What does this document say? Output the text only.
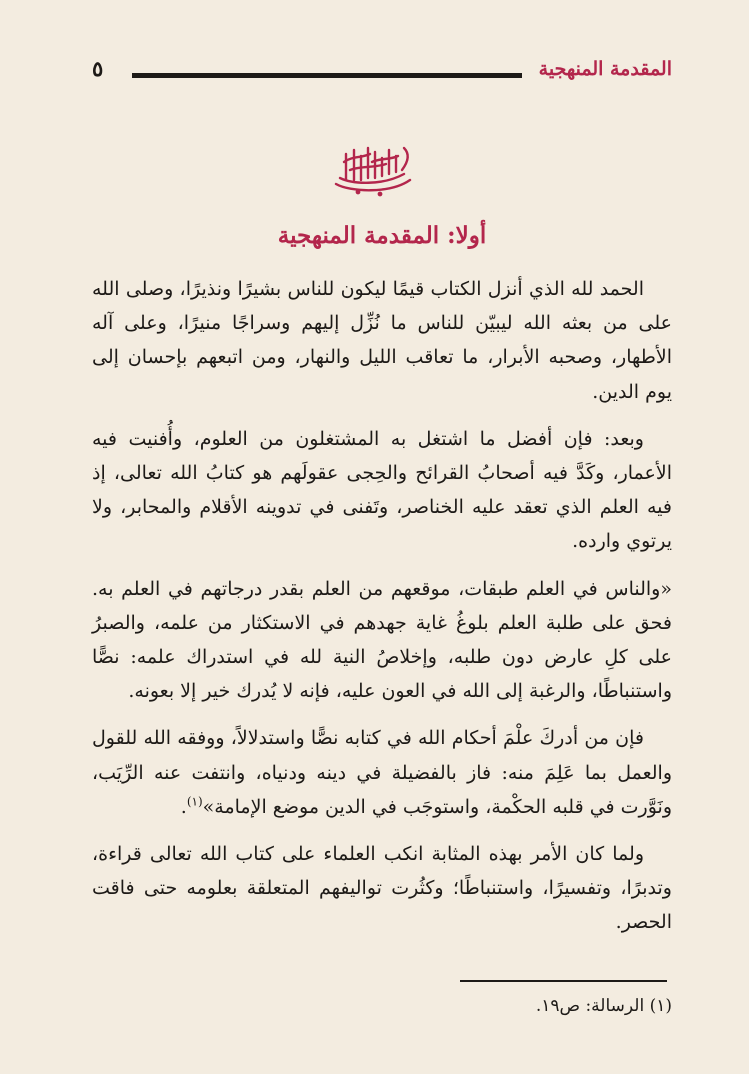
المقدمة المنهجية
٥
أولا: المقدمة المنهجية

الحمد لله الذي أنزل الكتاب قيمًا ليكون للناس بشيرًا ونذيرًا، وصلى الله على من بعثه الله ليبيّن للناس ما نُزِّل إليهم وسراجًا منيرًا، وعلى آله الأطهار، وصحبه الأبرار، ما تعاقب الليل والنهار، ومن اتبعهم بإحسان إلى يوم الدين.

وبعد: فإن أفضل ما اشتغل به المشتغلون من العلوم، وأُفنيت فيه الأعمار، وكَدَّ فيه أصحابُ القرائح والحِجى عقولَهم هو كتابُ الله تعالى، إذ فيه العلم الذي تعقد عليه الخناصر، وتَفنى في تدوينه الأقلام والمحابر، ولا يرتوي وارده.

«والناس في العلم طبقات، موقعهم من العلم بقدر درجاتهم في العلم به. فحق على طلبة العلم بلوغُ غاية جهدهم في الاستكثار من علمه، والصبرُ على كلِ عارض دون طلبه، وإخلاصُ النية لله في استدراك علمه: نصًّا واستنباطًا، والرغبة إلى الله في العون عليه، فإنه لا يُدرك خير إلا بعونه.

فإن من أدركَ علْمَ أحكام الله في كتابه نصًّا واستدلالاً، ووفقه الله للقول والعمل بما عَلِمَ منه: فاز بالفضيلة في دينه ودنياه، وانتفت عنه الرِّيَب، ونَوَّرت في قلبه الحكْمة، واستوجَب في الدين موضع الإمامة»$^{(١)}$.

ولما كان الأمر بهذه المثابة انكب العلماء على كتاب الله تعالى قراءة، وتدبرًا، وتفسيرًا، واستنباطًا؛ وكثُرت تواليفهم المتعلقة بعلومه حتى فاقت الحصر.

(١) الرسالة: ص١٩.
